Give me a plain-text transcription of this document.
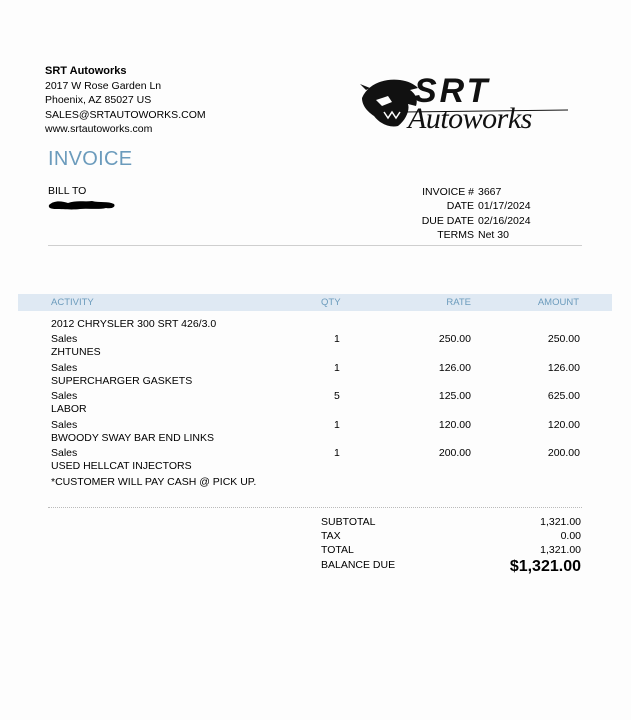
SRT Autoworks
2017 W Rose Garden Ln
Phoenix, AZ 85027 US
SALES@SRTAUTOWORKS.COM
www.srtautoworks.com
SRT
Autoworks
INVOICE
BILL TO	INVOICE # 3667
DATE 01/17/2024
DUE DATE 02/16/2024
TERMS Net 30
ACTIVITY	QTY	RATE	AMOUNT
2012 CHRYSLER 300 SRT 426/3.0
Sales
ZHTUNES
1	250.00	250.00
Sales
SUPERCHARGER GASKETS
1	126.00	126.00
Sales
LABOR
5	125.00	625.00
Sales
BWOODY SWAY BAR END LINKS
1	120.00	120.00
Sales
USED HELLCAT INJECTORS
1	200.00	200.00
*CUSTOMER WILL PAY CASH @ PICK UP.
SUBTOTAL	1,321.00
TAX	0.00
TOTAL	1,321.00
BALANCE DUE	$1,321.00
